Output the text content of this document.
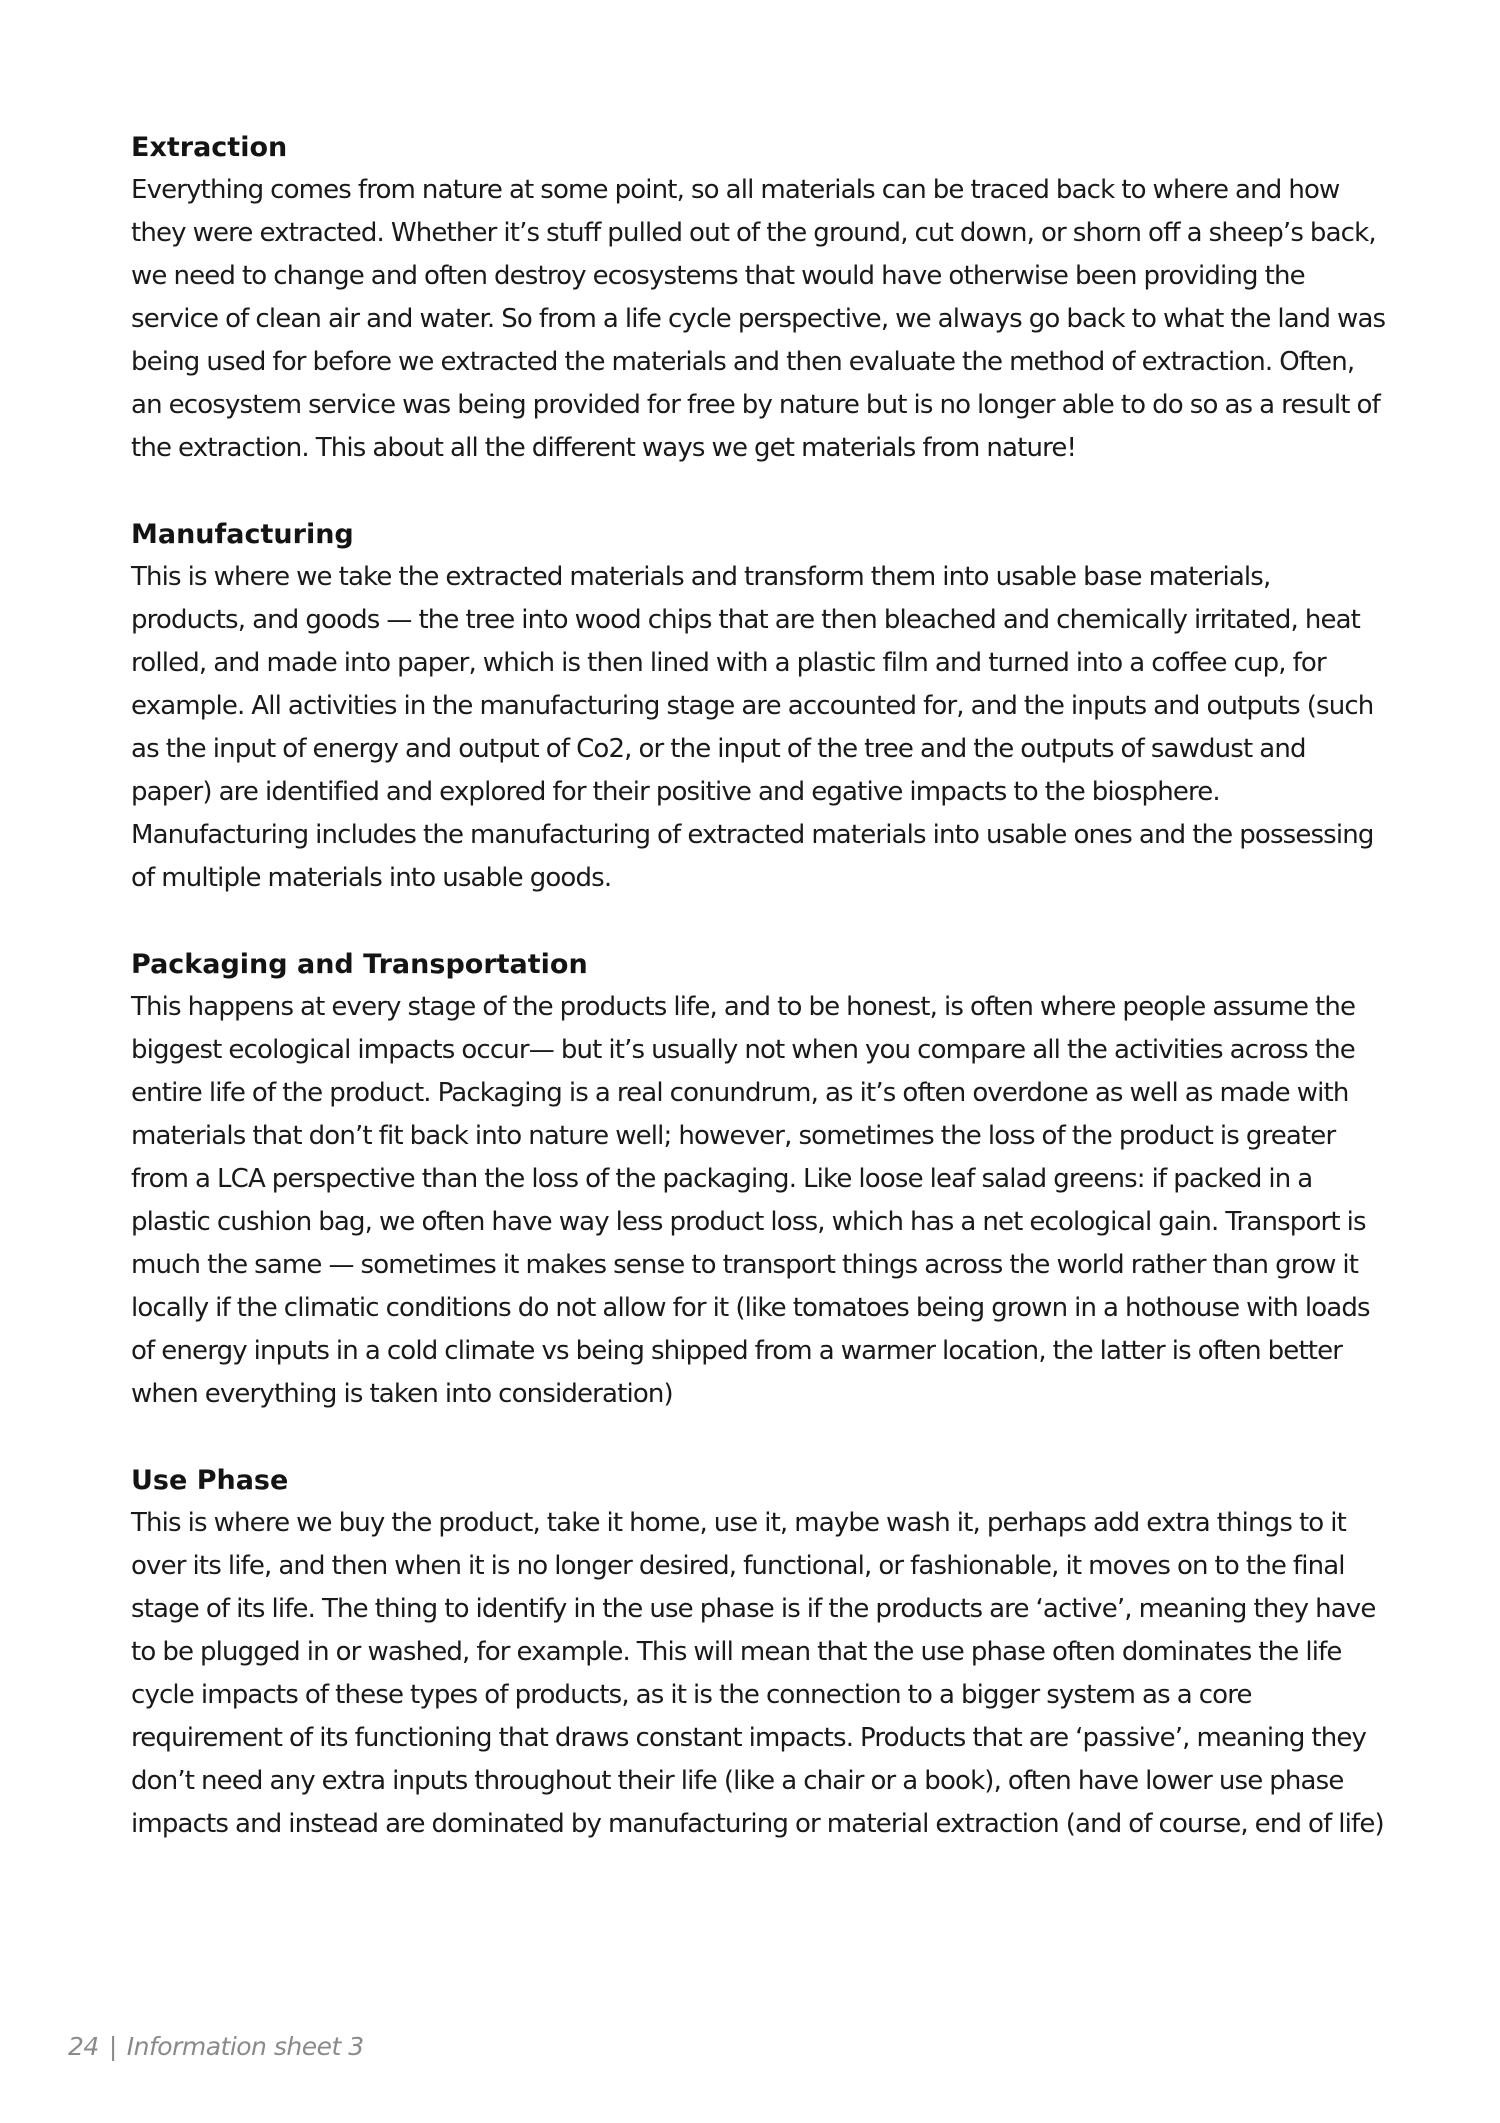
Extraction

Everything comes from nature at some point, so all materials can be traced back to where and how they were extracted. Whether it’s stuff pulled out of the ground, cut down, or shorn off a sheep’s back, we need to change and often destroy ecosystems that would have otherwise been providing the service of clean air and water. So from a life cycle perspective, we always go back to what the land was being used for before we extracted the materials and then evaluate the method of extraction. Often, an ecosystem service was being provided for free by nature but is no longer able to do so as a result of the extraction. This about all the different ways we get materials from nature!

Manufacturing

This is where we take the extracted materials and transform them into usable base materials, products, and goods — the tree into wood chips that are then bleached and chemically irritated, heat rolled, and made into paper, which is then lined with a plastic film and turned into a coffee cup, for example. All activities in the manufacturing stage are accounted for, and the inputs and outputs (such as the input of energy and output of Co2, or the input of the tree and the outputs of sawdust and paper) are identified and explored for their positive and egative impacts to the biosphere. Manufacturing includes the manufacturing of extracted materials into usable ones and the possessing of multiple materials into usable goods.

Packaging and Transportation

This happens at every stage of the products life, and to be honest, is often where people assume the biggest ecological impacts occur— but it’s usually not when you compare all the activities across the entire life of the product. Packaging is a real conundrum, as it’s often overdone as well as made with materials that don’t fit back into nature well; however, sometimes the loss of the product is greater from a LCA perspective than the loss of the packaging. Like loose leaf salad greens: if packed in a plastic cushion bag, we often have way less product loss, which has a net ecological gain. Transport is much the same — sometimes it makes sense to transport things across the world rather than grow it locally if the climatic conditions do not allow for it (like tomatoes being grown in a hothouse with loads of energy inputs in a cold climate vs being shipped from a warmer location, the latter is often better when everything is taken into consideration)

Use Phase

This is where we buy the product, take it home, use it, maybe wash it, perhaps add extra things to it over its life, and then when it is no longer desired, functional, or fashionable, it moves on to the final stage of its life. The thing to identify in the use phase is if the products are ‘active’, meaning they have to be plugged in or washed, for example. This will mean that the use phase often dominates the life cycle impacts of these types of products, as it is the connection to a bigger system as a core requirement of its functioning that draws constant impacts. Products that are ‘passive’, meaning they don’t need any extra inputs throughout their life (like a chair or a book), often have lower use phase impacts and instead are dominated by manufacturing or material extraction (and of course, end of life)

24 | Information sheet 3
